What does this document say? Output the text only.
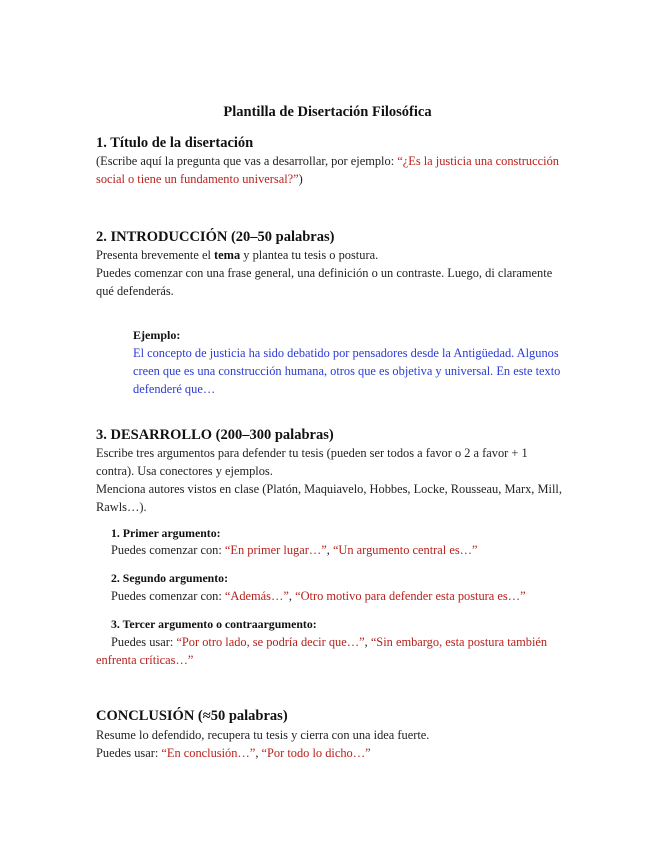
Plantilla de Disertación Filosófica
1. Título de la disertación
(Escribe aquí la pregunta que vas a desarrollar, por ejemplo: “¿Es la justicia una construcción social o tiene un fundamento universal?”)
2. INTRODUCCIÓN (20–50 palabras)
Presenta brevemente el tema y plantea tu tesis o postura.
Puedes comenzar con una frase general, una definición o un contraste. Luego, di claramente qué defenderás.
Ejemplo:
El concepto de justicia ha sido debatido por pensadores desde la Antigüedad. Algunos creen que es una construcción humana, otros que es objetiva y universal. En este texto defenderé que…
3. DESARROLLO (200–300 palabras)
Escribe tres argumentos para defender tu tesis (pueden ser todos a favor o 2 a favor + 1 contra). Usa conectores y ejemplos.
Menciona autores vistos en clase (Platón, Maquiavelo, Hobbes, Locke, Rousseau, Marx, Mill, Rawls…).
1. Primer argumento:
Puedes comenzar con: “En primer lugar…”, “Un argumento central es…”
2. Segundo argumento:
Puedes comenzar con: “Además…”, “Otro motivo para defender esta postura es…”
3. Tercer argumento o contraargumento:
Puedes usar: “Por otro lado, se podría decir que…”, “Sin embargo, esta postura también enfrenta críticas…”
CONCLUSIÓN (≈50 palabras)
Resume lo defendido, recupera tu tesis y cierra con una idea fuerte.
Puedes usar: “En conclusión…”, “Por todo lo dicho…”
